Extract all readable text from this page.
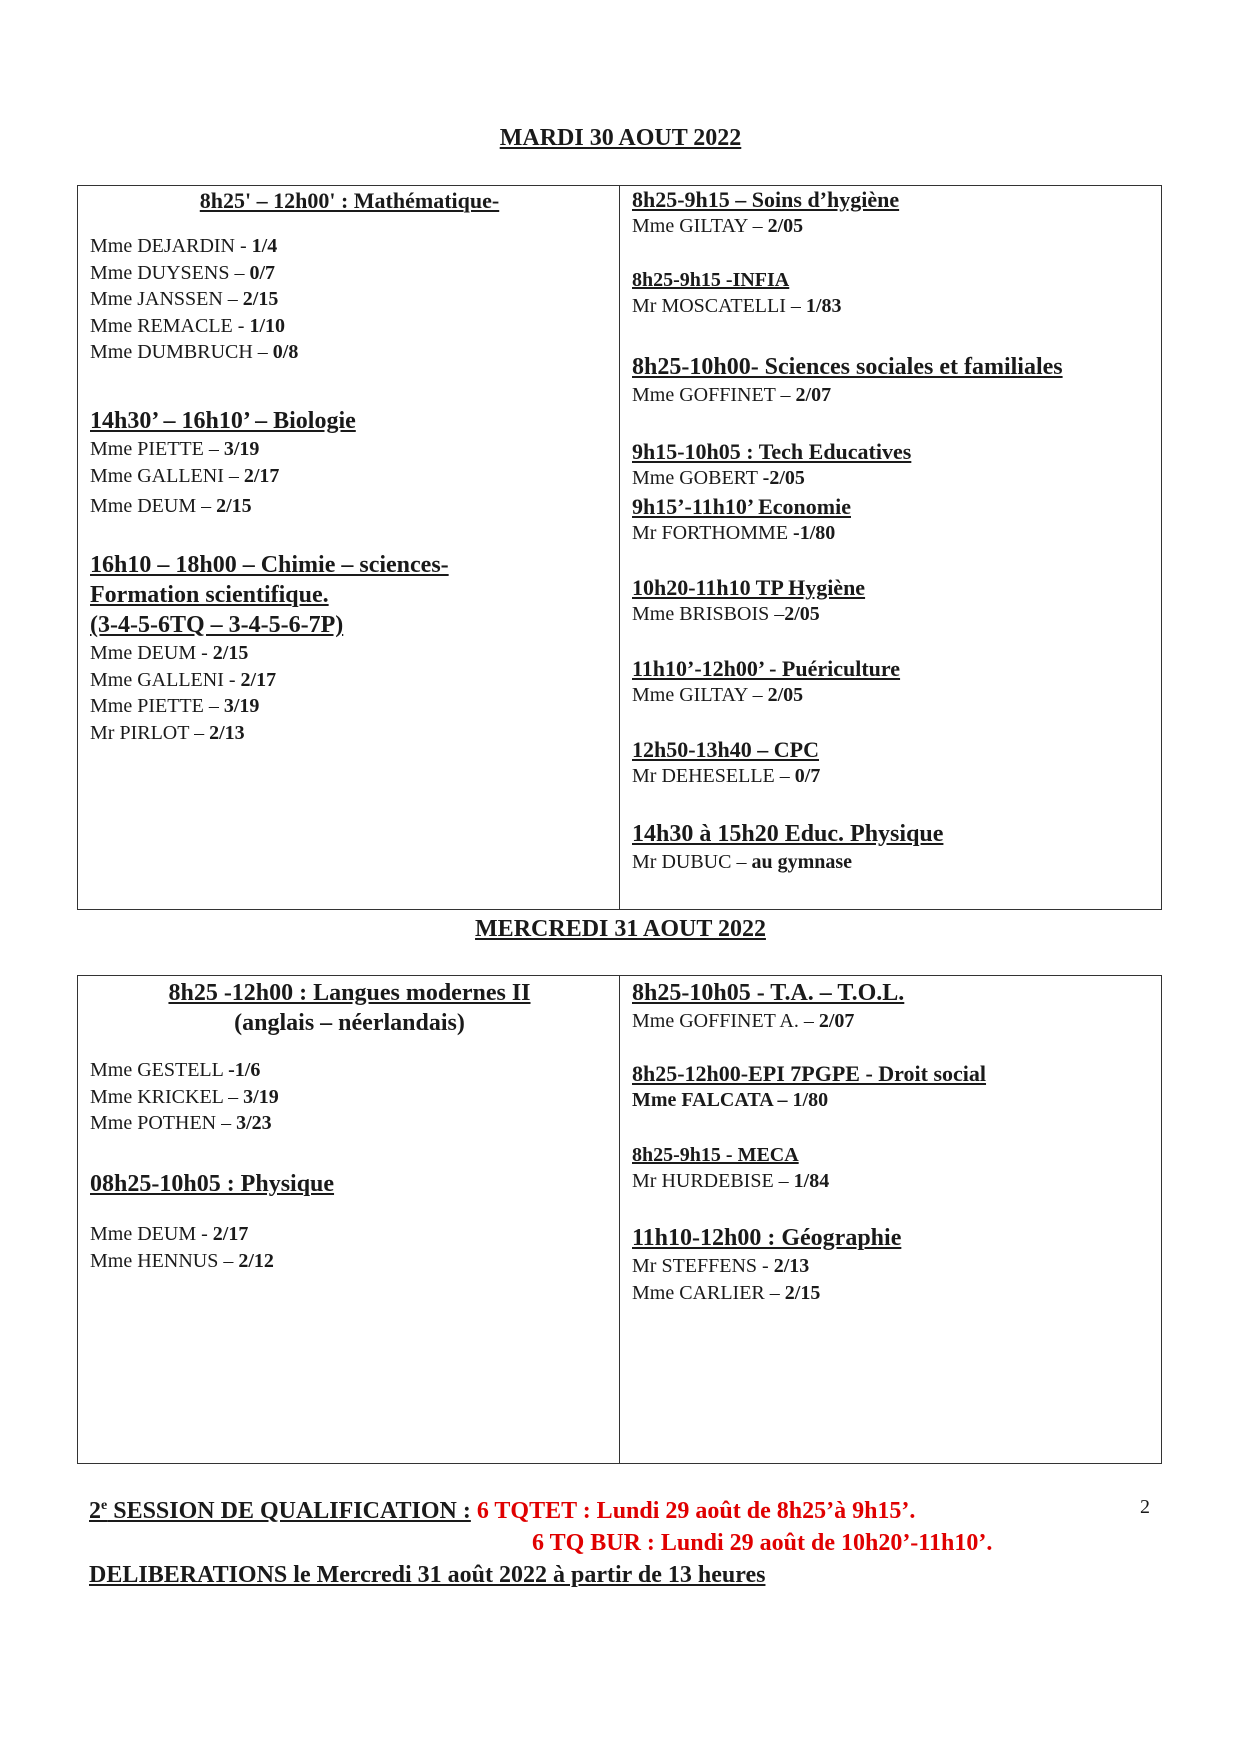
MARDI 30 AOUT 2022
8h25' – 12h00' : Mathématique-
Mme DEJARDIN - 1/4
Mme DUYSENS – 0/7
Mme JANSSEN – 2/15
Mme REMACLE - 1/10
Mme DUMBRUCH – 0/8
14h30’ – 16h10’ – Biologie
Mme PIETTE – 3/19
Mme GALLENI – 2/17
Mme DEUM – 2/15
16h10 – 18h00 – Chimie – sciences-
Formation scientifique.
(3-4-5-6TQ – 3-4-5-6-7P)
Mme DEUM - 2/15
Mme GALLENI - 2/17
Mme PIETTE – 3/19
Mr PIRLOT – 2/13
8h25-9h15 – Soins d’hygiène
Mme GILTAY – 2/05
8h25-9h15 -INFIA
Mr MOSCATELLI – 1/83
8h25-10h00- Sciences sociales et familiales
Mme GOFFINET – 2/07
9h15-10h05 : Tech Educatives
Mme GOBERT -2/05
9h15’-11h10’ Economie
Mr FORTHOMME -1/80
10h20-11h10 TP Hygiène
Mme BRISBOIS –2/05
11h10’-12h00’ - Puériculture
Mme GILTAY – 2/05
12h50-13h40 – CPC
Mr DEHESELLE – 0/7
14h30 à 15h20 Educ. Physique
Mr DUBUC – au gymnase
MERCREDI 31 AOUT 2022
8h25 -12h00 : Langues modernes II
(anglais – néerlandais)
Mme GESTELL -1/6
Mme KRICKEL – 3/19
Mme POTHEN – 3/23
08h25-10h05 : Physique
Mme DEUM - 2/17
Mme HENNUS – 2/12
8h25-10h05 - T.A. – T.O.L.
Mme GOFFINET A. – 2/07
8h25-12h00-EPI 7PGPE - Droit social
Mme FALCATA – 1/80
8h25-9h15 - MECA
Mr HURDEBISE – 1/84
11h10-12h00 : Géographie
Mr STEFFENS - 2/13
Mme CARLIER – 2/15
2e SESSION DE QUALIFICATION : 6 TQTET : Lundi 29 août de 8h25’à 9h15’.
6 TQ BUR : Lundi 29 août de 10h20’-11h10’.
DELIBERATIONS le Mercredi 31 août 2022 à partir de 13 heures
2
